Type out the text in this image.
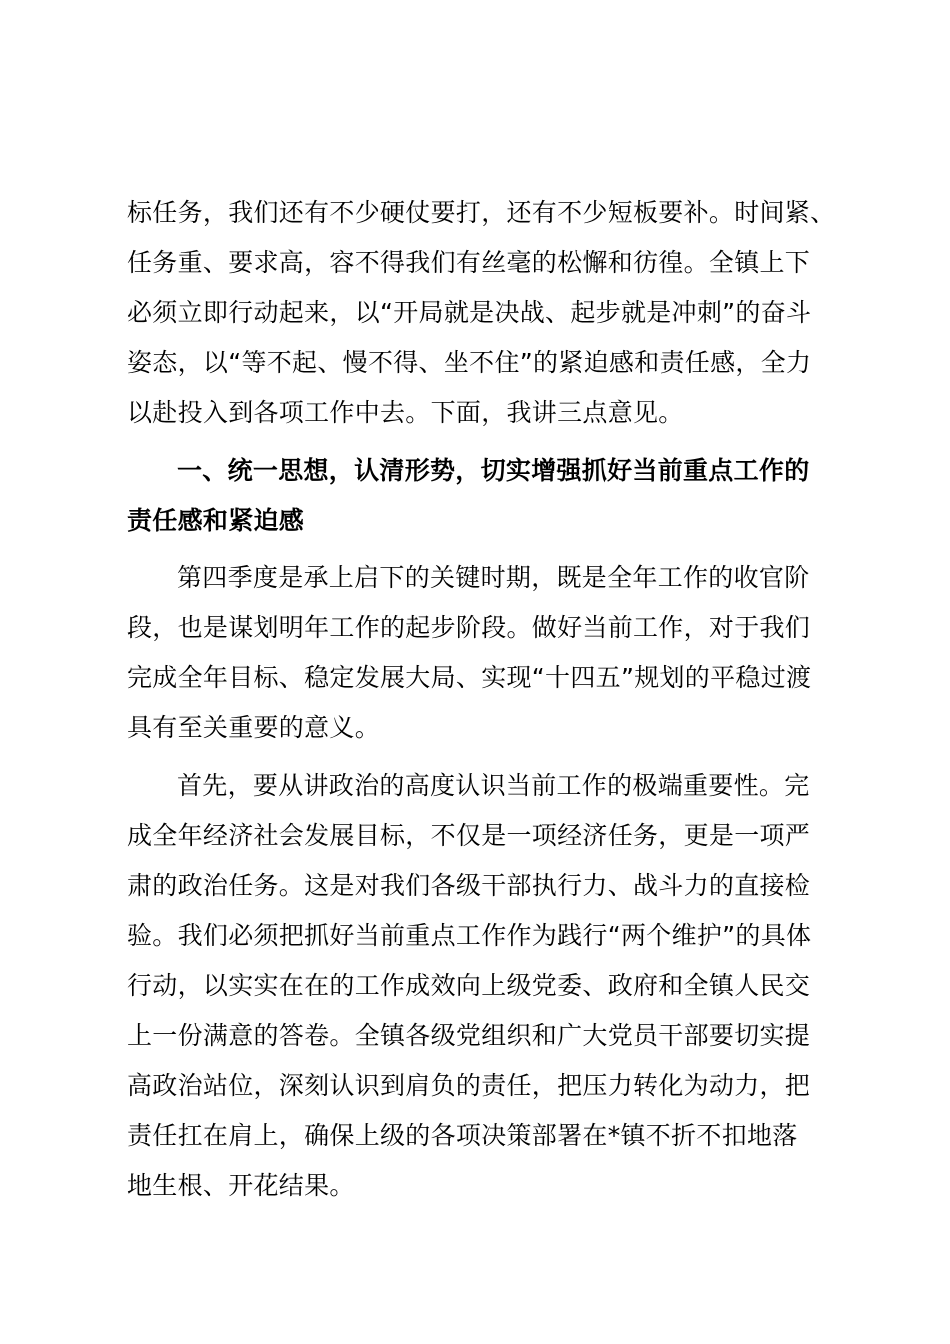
标任务，我们还有不少硬仗要打，还有不少短板要补。时间紧、
任务重、要求高，容不得我们有丝毫的松懈和彷徨。全镇上下
必须立即行动起来，以“开局就是决战、起步就是冲刺”的奋斗
姿态，以“等不起、慢不得、坐不住”的紧迫感和责任感，全力
以赴投入到各项工作中去。下面，我讲三点意见。
一、统一思想，认清形势，切实增强抓好当前重点工作的
责任感和紧迫感
第四季度是承上启下的关键时期，既是全年工作的收官阶
段，也是谋划明年工作的起步阶段。做好当前工作，对于我们
完成全年目标、稳定发展大局、实现“十四五”规划的平稳过渡
具有至关重要的意义。
首先，要从讲政治的高度认识当前工作的极端重要性。完
成全年经济社会发展目标，不仅是一项经济任务，更是一项严
肃的政治任务。这是对我们各级干部执行力、战斗力的直接检
验。我们必须把抓好当前重点工作作为践行“两个维护”的具体
行动，以实实在在的工作成效向上级党委、政府和全镇人民交
上一份满意的答卷。全镇各级党组织和广大党员干部要切实提
高政治站位，深刻认识到肩负的责任，把压力转化为动力，把
责任扛在肩上，确保上级的各项决策部署在*镇不折不扣地落
地生根、开花结果。
